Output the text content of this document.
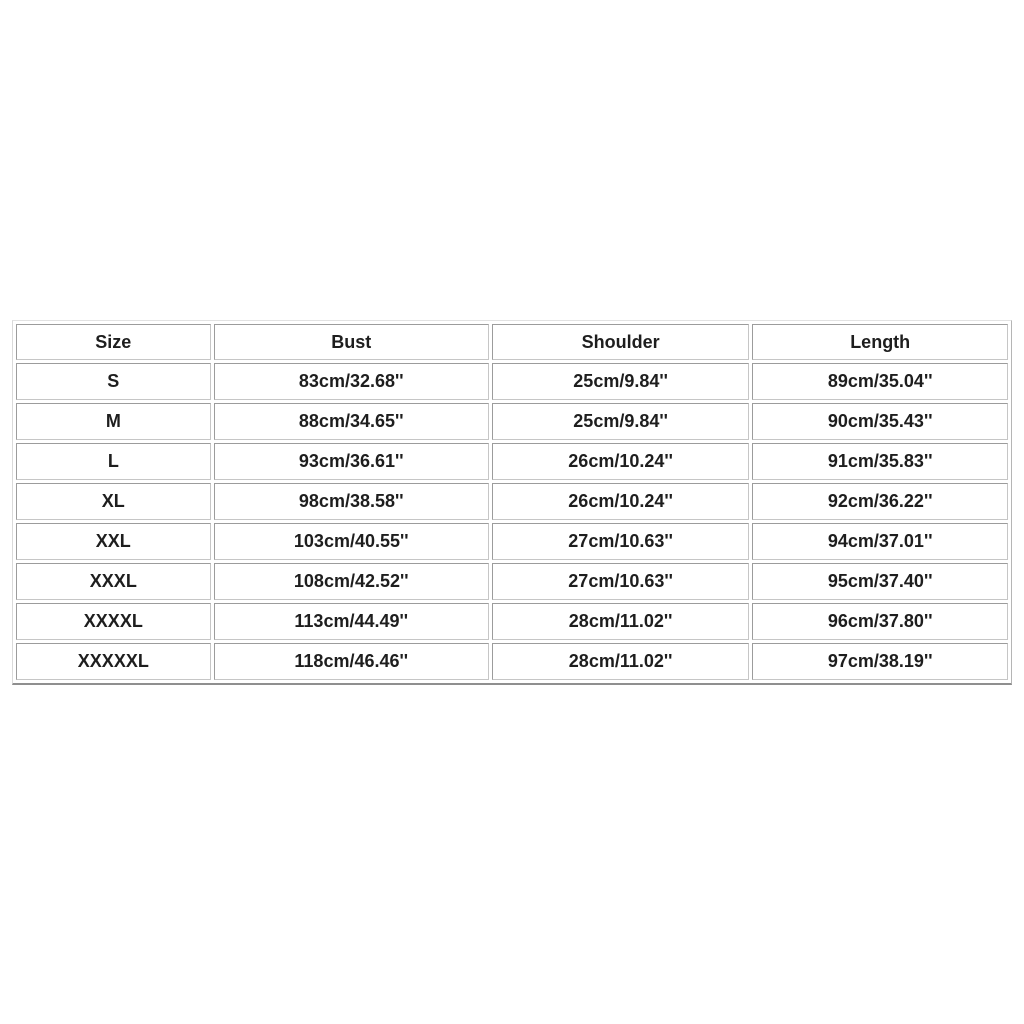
Size	Bust	Shoulder	Length
S	83cm/32.68''	25cm/9.84''	89cm/35.04''
M	88cm/34.65''	25cm/9.84''	90cm/35.43''
L	93cm/36.61''	26cm/10.24''	91cm/35.83''
XL	98cm/38.58''	26cm/10.24''	92cm/36.22''
XXL	103cm/40.55''	27cm/10.63''	94cm/37.01''
XXXL	108cm/42.52''	27cm/10.63''	95cm/37.40''
XXXXL	113cm/44.49''	28cm/11.02''	96cm/37.80''
XXXXXL	118cm/46.46''	28cm/11.02''	97cm/38.19''
